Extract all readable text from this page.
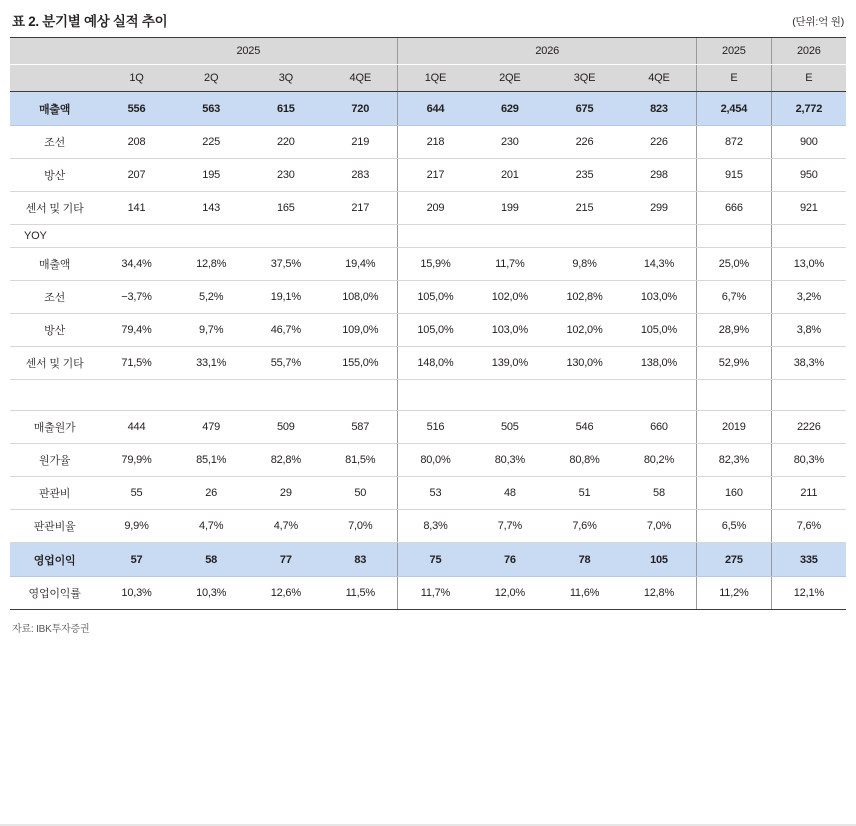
표 2. 분기별 예상 실적 추이	(단위:억 원)
	2025				2026				2025	2026
	1Q	2Q	3Q	4QE	1QE	2QE	3QE	4QE	E	E
매출액	556	563	615	720	644	629	675	823	2,454	2,772
조선	208	225	220	219	218	230	226	226	872	900
방산	207	195	230	283	217	201	235	298	915	950
센서 및 기타	141	143	165	217	209	199	215	299	666	921
YOY										
매출액	34,4%	12,8%	37,5%	19,4%	15,9%	11,7%	9,8%	14,3%	25,0%	13,0%
조선	−3,7%	5,2%	19,1%	108,0%	105,0%	102,0%	102,8%	103,0%	6,7%	3,2%
방산	79,4%	9,7%	46,7%	109,0%	105,0%	103,0%	102,0%	105,0%	28,9%	3,8%
센서 및 기타	71,5%	33,1%	55,7%	155,0%	148,0%	139,0%	130,0%	138,0%	52,9%	38,3%

매출원가	444	479	509	587	516	505	546	660	2019	2226
원가율	79,9%	85,1%	82,8%	81,5%	80,0%	80,3%	80,8%	80,2%	82,3%	80,3%
판관비	55	26	29	50	53	48	51	58	160	211
판관비율	9,9%	4,7%	4,7%	7,0%	8,3%	7,7%	7,6%	7,0%	6,5%	7,6%
영업이익	57	58	77	83	75	76	78	105	275	335
영업이익률	10,3%	10,3%	12,6%	11,5%	11,7%	12,0%	11,6%	12,8%	11,2%	12,1%
자료: IBK투자증권
